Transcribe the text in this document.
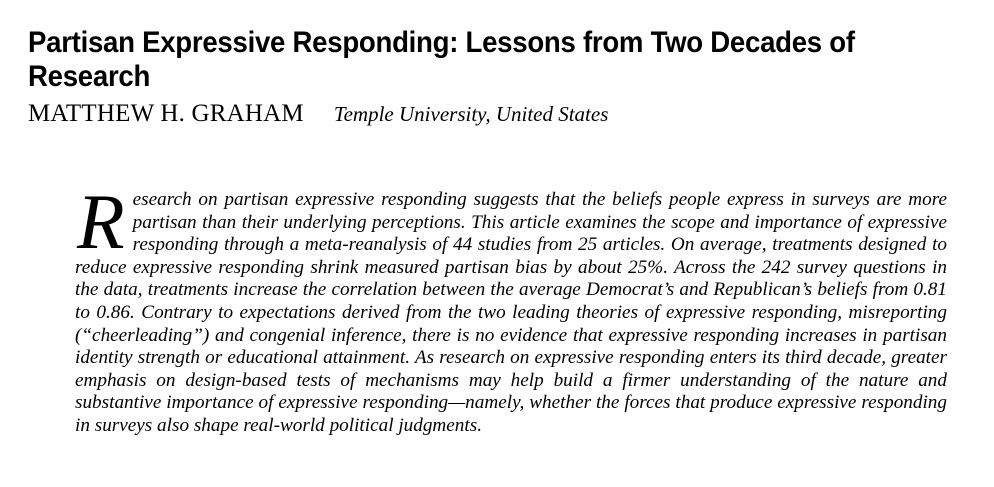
Partisan Expressive Responding: Lessons from Two Decades of Research
MATTHEW H. GRAHAM Temple University, United States

Research on partisan expressive responding suggests that the beliefs people express in surveys are more partisan than their underlying perceptions. This article examines the scope and importance of expressive responding through a meta-reanalysis of 44 studies from 25 articles. On average, treatments designed to reduce expressive responding shrink measured partisan bias by about 25%. Across the 242 survey questions in the data, treatments increase the correlation between the average Democrat’s and Republican’s beliefs from 0.81 to 0.86. Contrary to expectations derived from the two leading theories of expressive responding, misreporting (“cheerleading”) and congenial inference, there is no evidence that expressive responding increases in partisan identity strength or educational attainment. As research on expressive responding enters its third decade, greater emphasis on design-based tests of mechanisms may help build a firmer understanding of the nature and substantive importance of expressive responding—namely, whether the forces that produce expressive responding in surveys also shape real-world political judgments.
